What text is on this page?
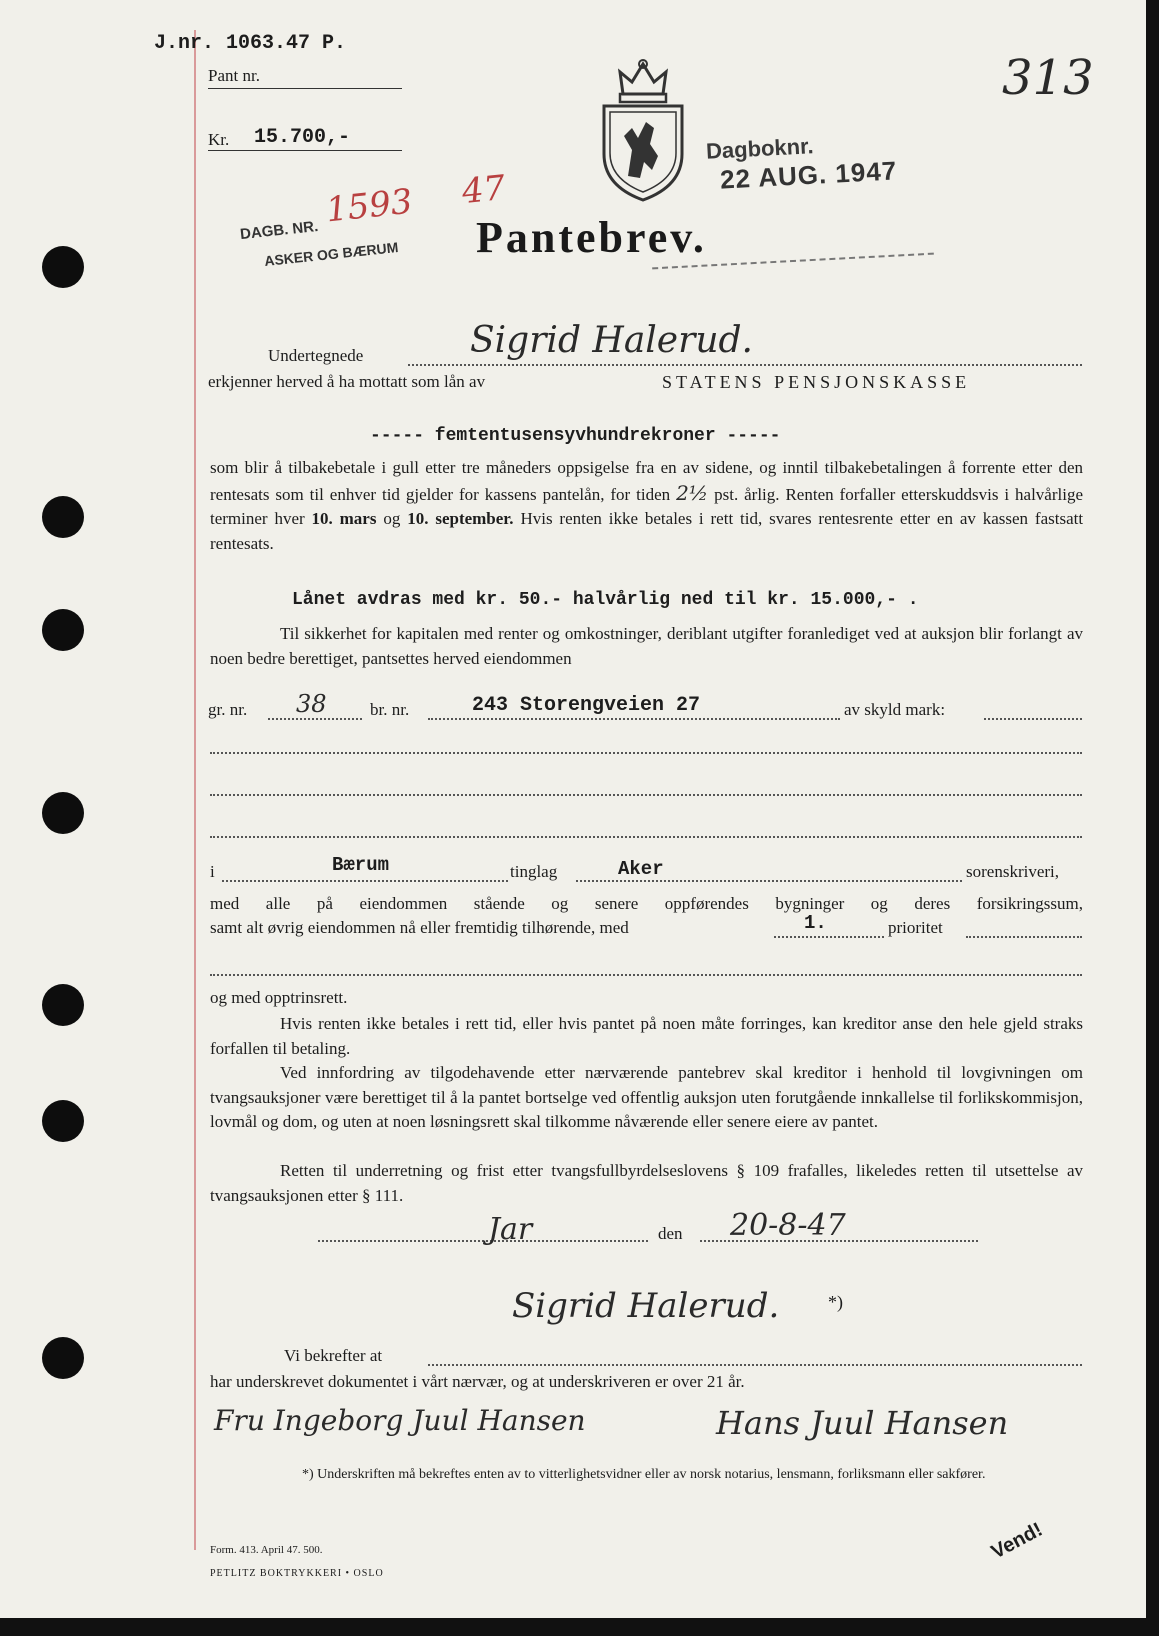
J.nr. 1063.47 P.
Pant nr.
Kr. 15.700,-
313
Dagboknr.
22 AUG. 1947
DAGB. NR.
1593 47
ASKER OG BÆRUM Pantebrev.
Undertegnede	Sigrid Halerud.
erkjenner herved å ha mottatt som lån av	STATENS PENSJONSKASSE
----- femtentusensyvhundrekroner -----
som blir å tilbakebetale i gull etter tre måneders oppsigelse fra en av sidene, og inntil tilbakebetalingen å forrente etter den rentesats som til enhver tid gjelder for kassens pantelån, for tiden 2½ pst. årlig. Renten forfaller etterskuddsvis i halvårlige terminer hver 10. mars og 10. september. Hvis renten ikke betales i rett tid, svares rentesrente etter en av kassen fastsatt rentesats.
Lånet avdras med kr. 50.- halvårlig ned til kr. 15.000,- .
Til sikkerhet for kapitalen med renter og omkostninger, deriblant utgifter foranlediget ved at auksjon blir forlangt av noen bedre berettiget, pantsettes herved eiendommen
gr. nr. 38	br. nr.	243 Storengveien 27	av skyld mark:
i	Bærum	tinglag	Aker	sorenskriveri,
med alle på eiendommen stående og senere oppførendes bygninger og deres forsikringssum,
samt alt øvrig eiendommen nå eller fremtidig tilhørende, med	1.	prioritet
og med opptrinsrett.
Hvis renten ikke betales i rett tid, eller hvis pantet på noen måte forringes, kan kreditor anse den hele gjeld straks forfallen til betaling.
Ved innfordring av tilgodehavende etter nærværende pantebrev skal kreditor i henhold til lovgivningen om tvangsauksjoner være berettiget til å la pantet bortselge ved offentlig auksjon uten forutgående innkallelse til forlikskommisjon, lovmål og dom, og uten at noen løsningsrett skal tilkomme nåværende eller senere eiere av pantet.
Retten til underretning og frist etter tvangsfullbyrdelseslovens § 109 frafalles, likeledes retten til utsettelse av tvangsauksjonen etter § 111.
Jar	den 20-8-47
Sigrid Halerud.	*)
Vi bekrefter at
har underskrevet dokumentet i vårt nærvær, og at underskriveren er over 21 år.
Fru Ingeborg Juul Hansen	Hans Juul Hansen
*) Underskriften må bekreftes enten av to vitterlighetsvidner eller av norsk notarius, lensmann, forliksmann eller sakfører.
Form. 413. April 47. 500.
PETLITZ BOKTRYKKERI • OSLO
Vend!
